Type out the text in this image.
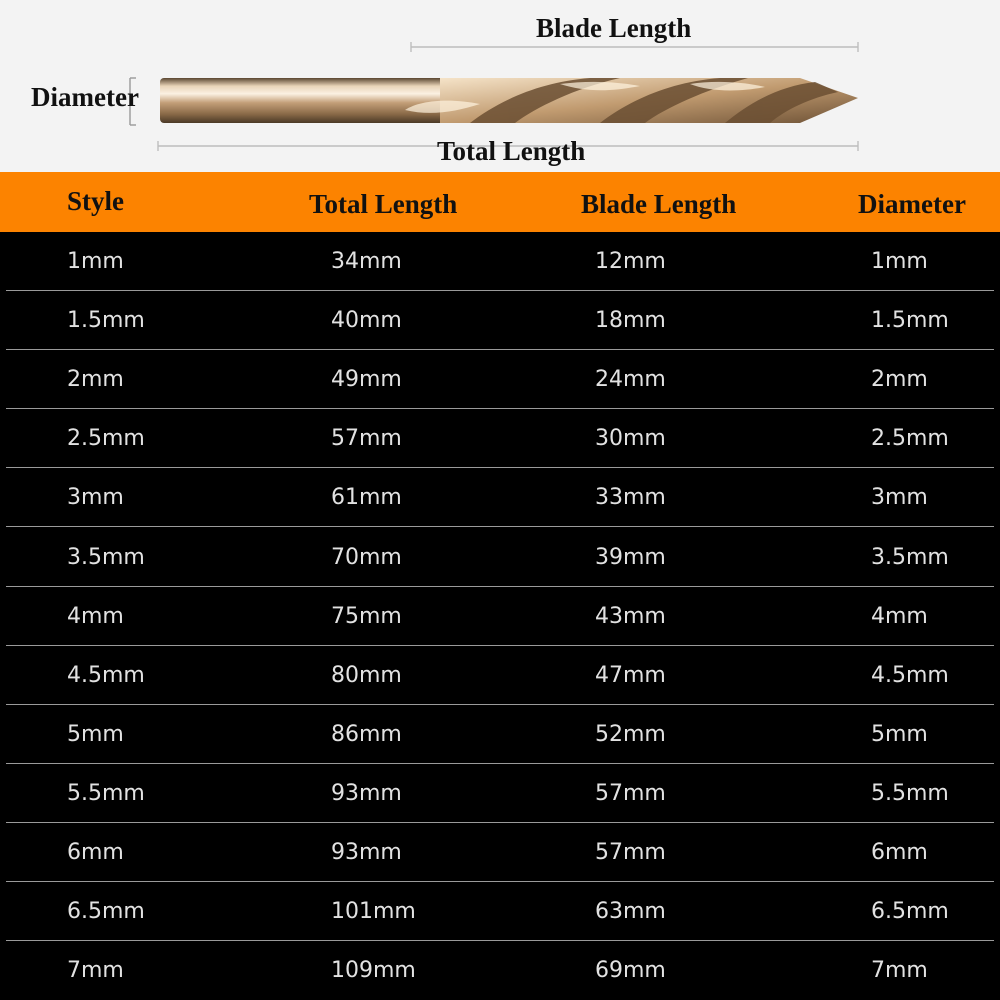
Blade Length
Total Length
Diameter
Style	Total Length	Blade Length	Diameter
1mm	34mm	12mm	1mm
1.5mm	40mm	18mm	1.5mm
2mm	49mm	24mm	2mm
2.5mm	57mm	30mm	2.5mm
3mm	61mm	33mm	3mm
3.5mm	70mm	39mm	3.5mm
4mm	75mm	43mm	4mm
4.5mm	80mm	47mm	4.5mm
5mm	86mm	52mm	5mm
5.5mm	93mm	57mm	5.5mm
6mm	93mm	57mm	6mm
6.5mm	101mm	63mm	6.5mm
7mm	109mm	69mm	7mm
